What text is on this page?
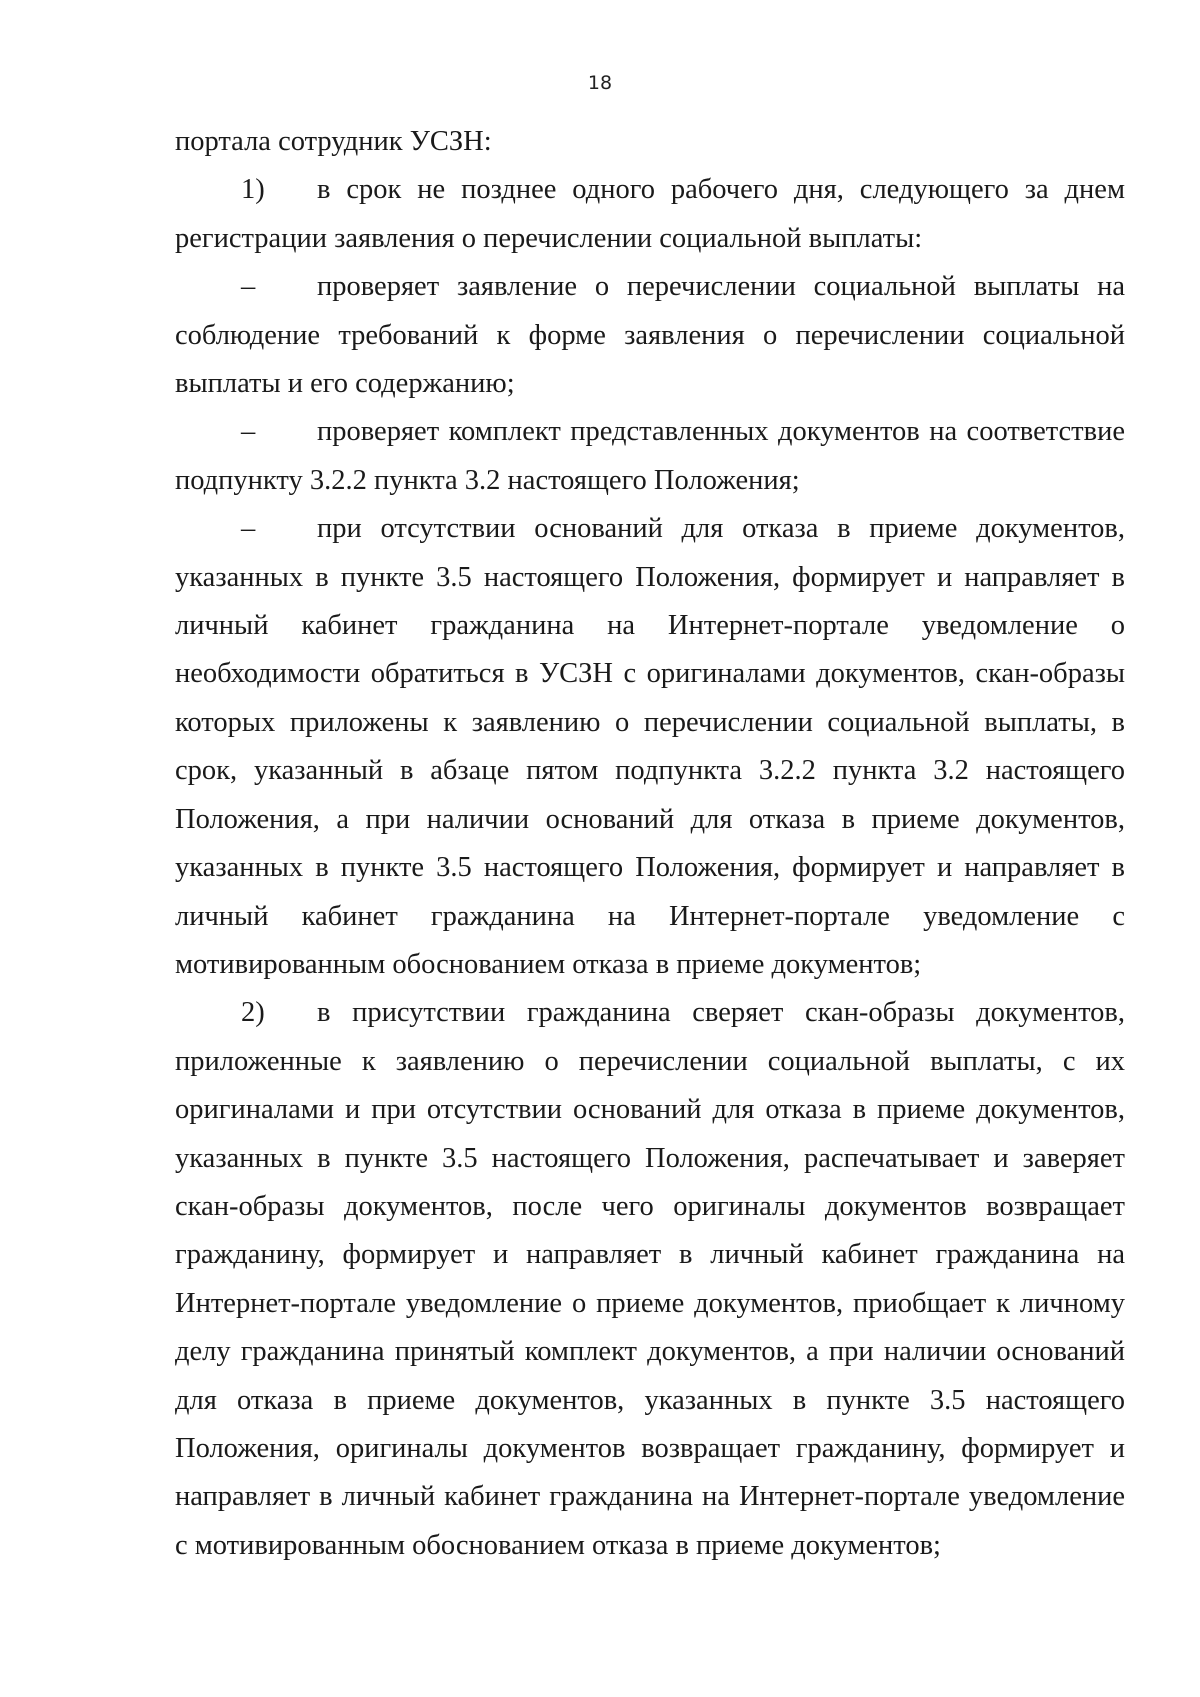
18

портала сотрудник УСЗН:

1) в срок не позднее одного рабочего дня, следующего за днем регистрации заявления о перечислении социальной выплаты:

– проверяет заявление о перечислении социальной выплаты на соблюдение требований к форме заявления о перечислении социальной выплаты и его содержанию;

– проверяет комплект представленных документов на соответствие подпункту 3.2.2 пункта 3.2 настоящего Положения;

– при отсутствии оснований для отказа в приеме документов, указанных в пункте 3.5 настоящего Положения, формирует и направляет в личный кабинет гражданина на Интернет-портале уведомление о необходимости обратиться в УСЗН с оригиналами документов, скан-образы которых приложены к заявлению о перечислении социальной выплаты, в срок, указанный в абзаце пятом подпункта 3.2.2 пункта 3.2 настоящего Положения, а при наличии оснований для отказа в приеме документов, указанных в пункте 3.5 настоящего Положения, формирует и направляет в личный кабинет гражданина на Интернет-портале уведомление с мотивированным обоснованием отказа в приеме документов;

2) в присутствии гражданина сверяет скан-образы документов, приложенные к заявлению о перечислении социальной выплаты, с их оригиналами и при отсутствии оснований для отказа в приеме документов, указанных в пункте 3.5 настоящего Положения, распечатывает и заверяет скан-образы документов, после чего оригиналы документов возвращает гражданину, формирует и направляет в личный кабинет гражданина на Интернет-портале уведомление о приеме документов, приобщает к личному делу гражданина принятый комплект документов, а при наличии оснований для отказа в приеме документов, указанных в пункте 3.5 настоящего Положения, оригиналы документов возвращает гражданину, формирует и направляет в личный кабинет гражданина на Интернет-портале уведомление с мотивированным обоснованием отказа в приеме документов;
